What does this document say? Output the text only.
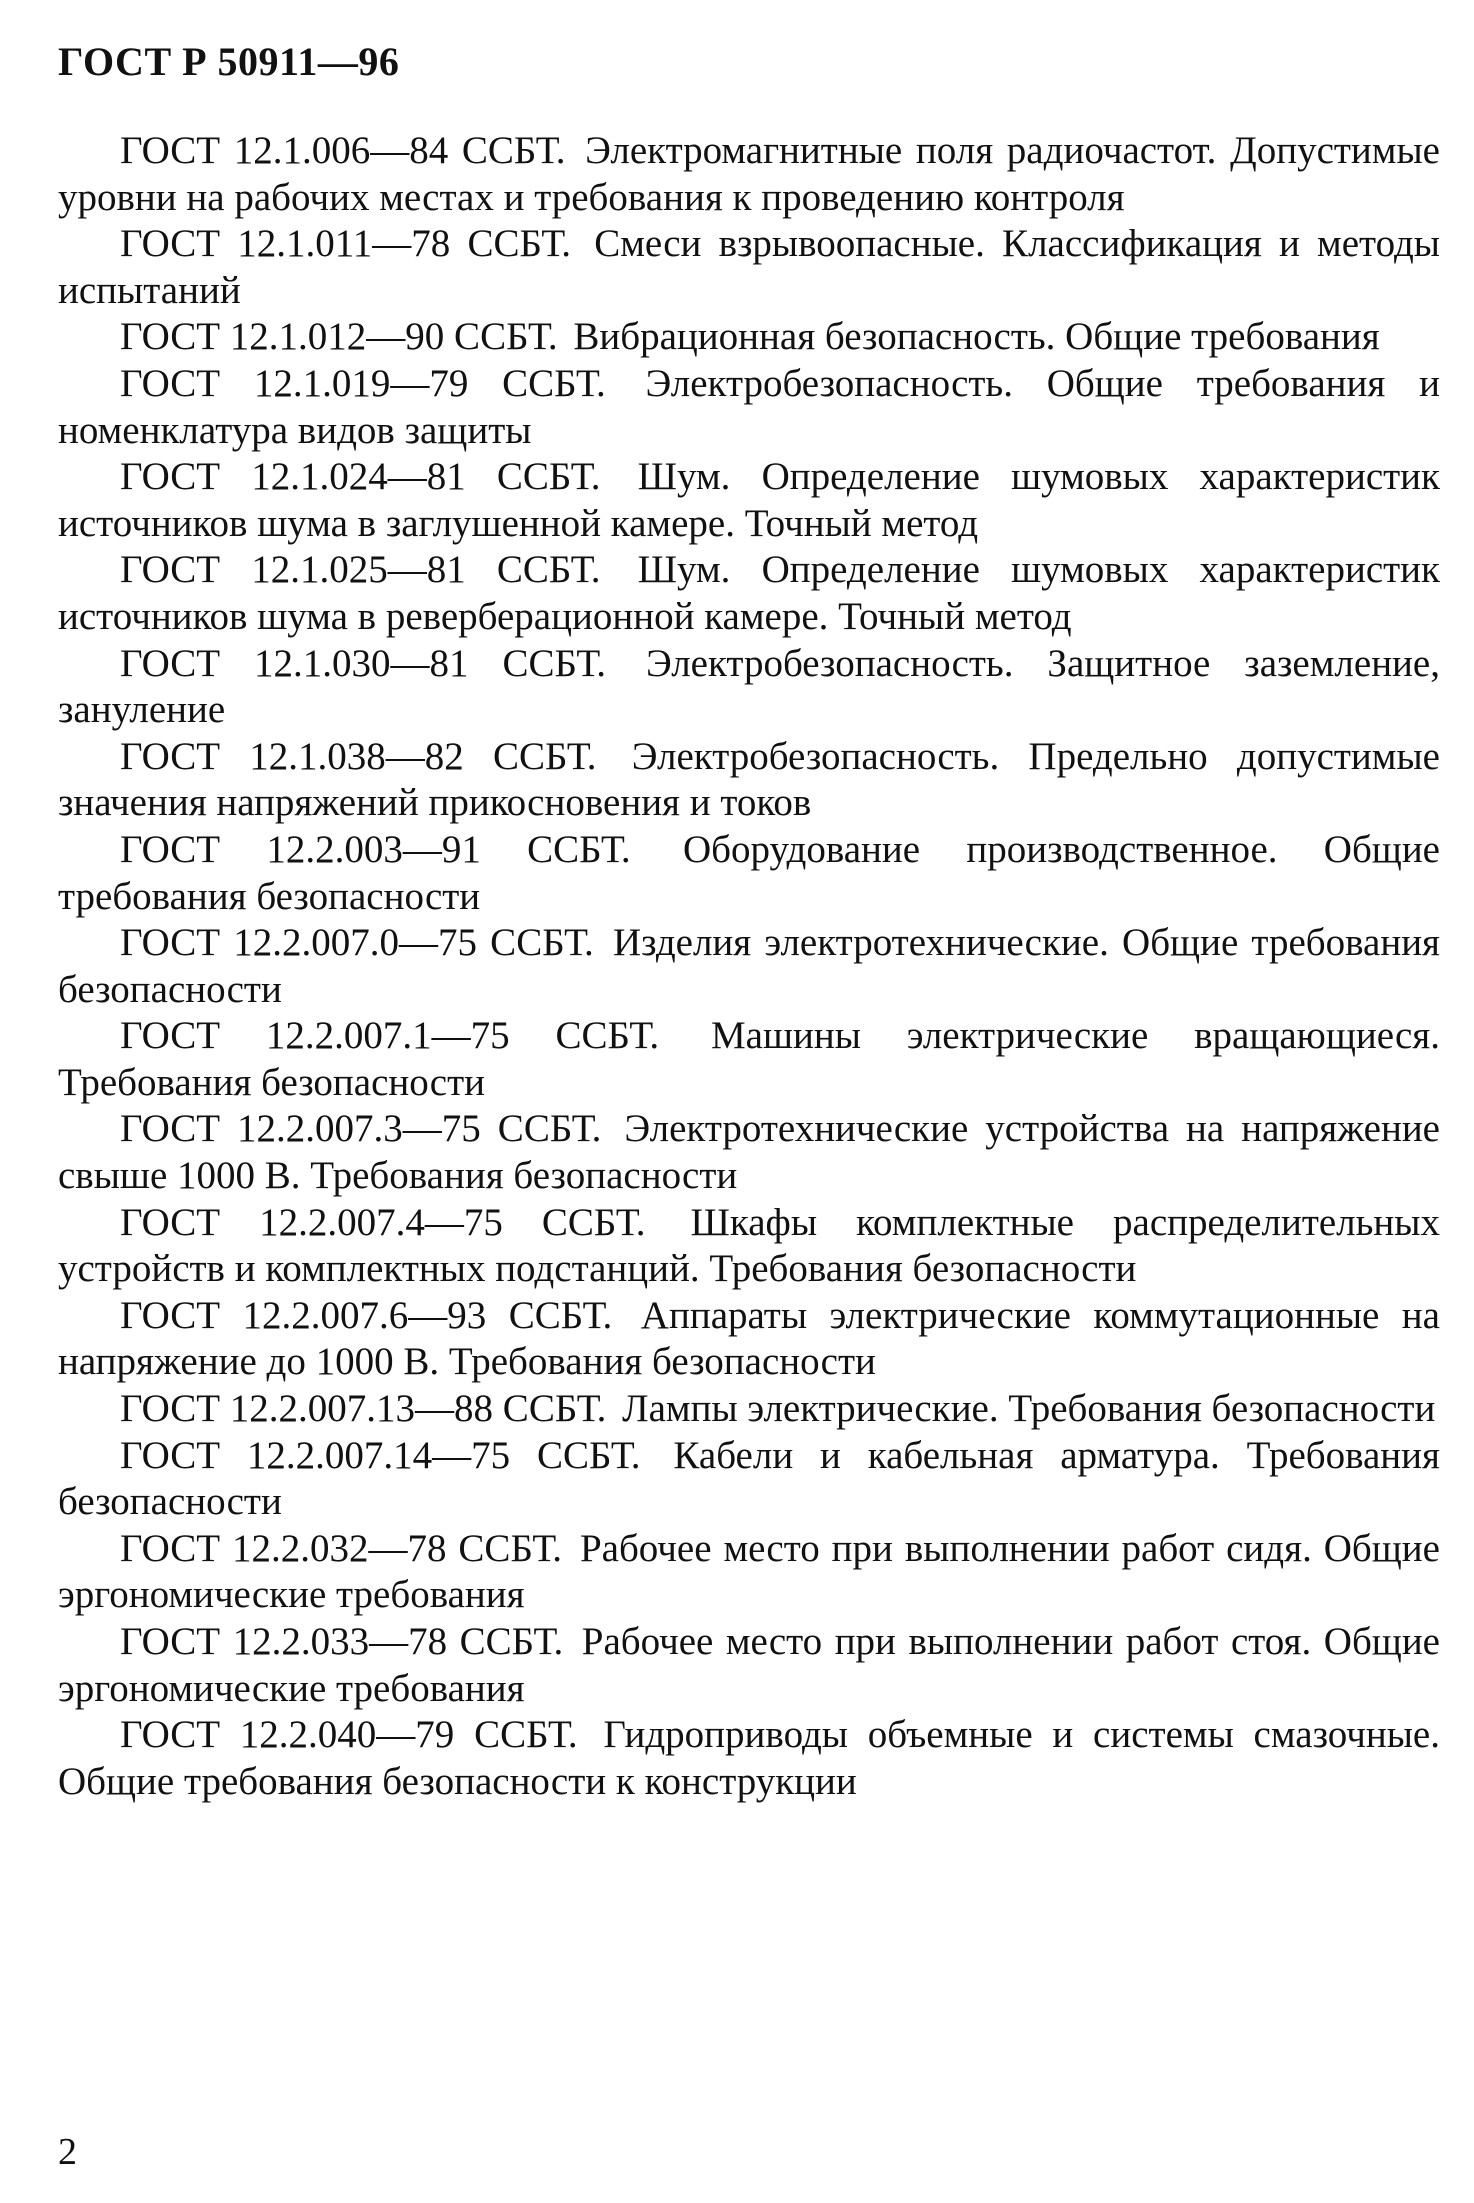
ГОСТ Р 50911—96

ГОСТ 12.1.006—84 ССБТ. Электромагнитные поля радиочастот. Допустимые уровни на рабочих местах и требования к проведению контроля

ГОСТ 12.1.011—78 ССБТ. Смеси взрывоопасные. Классификация и методы испытаний

ГОСТ 12.1.012—90 ССБТ. Вибрационная безопасность. Общие требования

ГОСТ 12.1.019—79 ССБТ. Электробезопасность. Общие требования и номенклатура видов защиты

ГОСТ 12.1.024—81 ССБТ. Шум. Определение шумовых характеристик источников шума в заглушенной камере. Точный метод

ГОСТ 12.1.025—81 ССБТ. Шум. Определение шумовых характеристик источников шума в реверберационной камере. Точный метод

ГОСТ 12.1.030—81 ССБТ. Электробезопасность. Защитное заземление, зануление

ГОСТ 12.1.038—82 ССБТ. Электробезопасность. Предельно допустимые значения напряжений прикосновения и токов

ГОСТ 12.2.003—91 ССБТ. Оборудование производственное. Общие требования безопасности

ГОСТ 12.2.007.0—75 ССБТ. Изделия электротехнические. Общие требования безопасности

ГОСТ 12.2.007.1—75 ССБТ. Машины электрические вращающиеся. Требования безопасности

ГОСТ 12.2.007.3—75 ССБТ. Электротехнические устройства на напряжение свыше 1000 В. Требования безопасности

ГОСТ 12.2.007.4—75 ССБТ. Шкафы комплектные распределительных устройств и комплектных подстанций. Требования безопасности

ГОСТ 12.2.007.6—93 ССБТ. Аппараты электрические коммутационные на напряжение до 1000 В. Требования безопасности

ГОСТ 12.2.007.13—88 ССБТ. Лампы электрические. Требования безопасности

ГОСТ 12.2.007.14—75 ССБТ. Кабели и кабельная арматура. Требования безопасности

ГОСТ 12.2.032—78 ССБТ. Рабочее место при выполнении работ сидя. Общие эргономические требования

ГОСТ 12.2.033—78 ССБТ. Рабочее место при выполнении работ стоя. Общие эргономические требования

ГОСТ 12.2.040—79 ССБТ. Гидроприводы объемные и системы смазочные. Общие требования безопасности к конструкции

2
